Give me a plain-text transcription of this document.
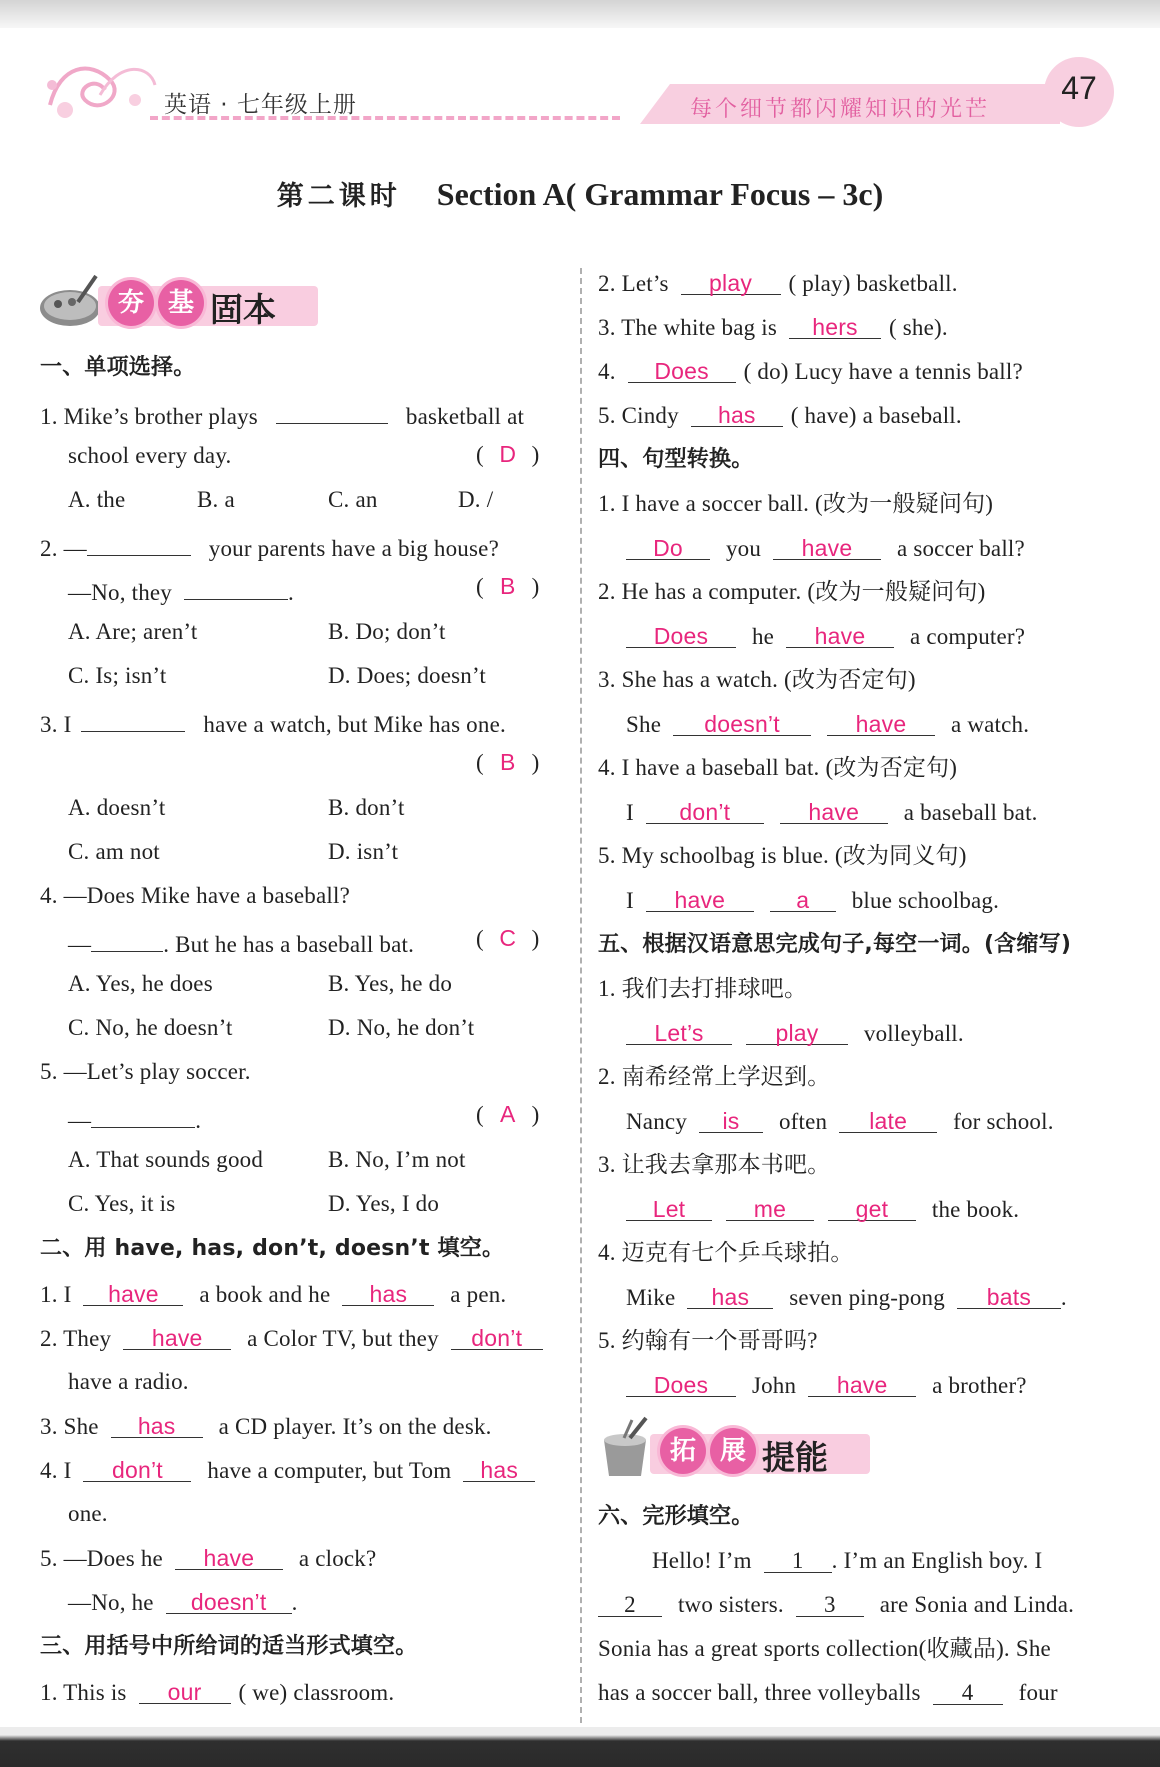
英语 · 七年级上册	每个细节都闪耀知识的光芒
47
第二课时 Section A( Grammar Focus – 3c)
夯 基 固本
一、单项选择。
1. Mike’s brother plays	basketball at
school every day.	( D )
A. the	B. a	C. an	D. /
2. —	your parents have a big house?
—No, they	.	( B )
A. Are; aren’t	B. Do; don’t
C. Is; isn’t	D. Does; doesn’t
3. I	have a watch, but Mike has one.
( B )
A. doesn’t	B. don’t
C. am not	D. isn’t
4. —Does Mike have a baseball?
—	. But he has a baseball bat.	( C )
A. Yes, he does	B. Yes, he do
C. No, he doesn’t	D. No, he don’t
5. —Let’s play soccer.
—	.	( A )
A. That sounds good	B. No, I’m not
C. Yes, it is	D. Yes, I do
二、用 have, has, don’t, doesn’t 填空。
1. I have a book and he has a pen.
2. They have a Color TV, but they don’t
have a radio.
3. She has a CD player. It’s on the desk.
4. I don’t have a computer, but Tom has
one.
5. —Does he have a clock?
—No, he doesn’t .
三、用括号中所给词的适当形式填空。
1. This is our ( we) classroom.
2. Let’s play ( play) basketball.
3. The white bag is hers ( she).
4. Does ( do) Lucy have a tennis ball?
5. Cindy has ( have) a baseball.
四、句型转换。
1. I have a soccer ball. (改为一般疑问句)
Do you have a soccer ball?
2. He has a computer. (改为一般疑问句)
Does he have a computer?
3. She has a watch. (改为否定句)
She doesn’t	have a watch.
4. I have a baseball bat. (改为否定句)
I don’t	have a baseball bat.
5. My schoolbag is blue. (改为同义句)
I have	a blue schoolbag.
五、根据汉语意思完成句子,每空一词。(含缩写)
1. 我们去打排球吧。
Let’s	play volleyball.
2. 南希经常上学迟到。
Nancy is often late for school.
3. 让我去拿那本书吧。
Let	me	get the book.
4. 迈克有七个乒乓球拍。
Mike has seven ping-pong bats .
5. 约翰有一个哥哥吗?
Does John have a brother?
拓 展 提能
六、完形填空。
Hello! I’m 1 . I’m an English boy. I
2 two sisters. 3 are Sonia and Linda.
Sonia has a great sports collection(收藏品). She
has a soccer ball, three volleyballs 4 four
